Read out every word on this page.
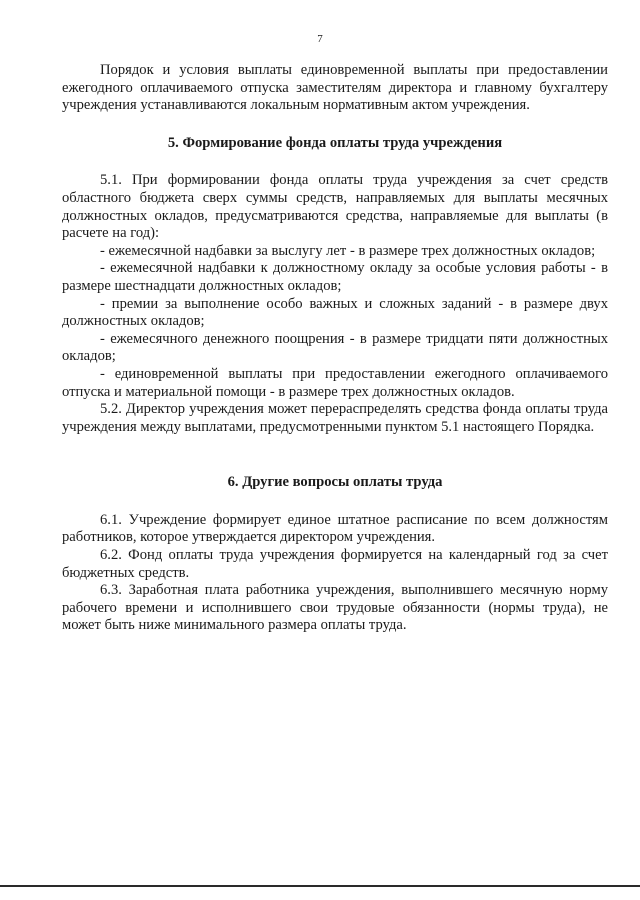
7

Порядок и условия выплаты единовременной выплаты при предоставлении ежегодного оплачиваемого отпуска заместителям директора и главному бухгалтеру учреждения устанавливаются локальным нормативным актом учреждения.

5. Формирование фонда оплаты труда учреждения

5.1. При формировании фонда оплаты труда учреждения за счет средств областного бюджета сверх суммы средств, направляемых для выплаты месячных должностных окладов, предусматриваются средства, направляемые для выплаты (в расчете на год):

- ежемесячной надбавки за выслугу лет - в размере трех должностных окладов;

- ежемесячной надбавки к должностному окладу за особые условия работы - в размере шестнадцати должностных окладов;

- премии за выполнение особо важных и сложных заданий - в размере двух должностных окладов;

- ежемесячного денежного поощрения - в размере тридцати пяти должностных окладов;

- единовременной выплаты при предоставлении ежегодного оплачиваемого отпуска и материальной помощи - в размере трех должностных окладов.

5.2. Директор учреждения может перераспределять средства фонда оплаты труда учреждения между выплатами, предусмотренными пунктом 5.1 настоящего Порядка.

6. Другие вопросы оплаты труда

6.1. Учреждение формирует единое штатное расписание по всем должностям работников, которое утверждается директором учреждения.

6.2. Фонд оплаты труда учреждения формируется на календарный год за счет бюджетных средств.

6.3. Заработная плата работника учреждения, выполнившего месячную норму рабочего времени и исполнившего свои трудовые обязанности (нормы труда), не может быть ниже минимального размера оплаты труда.
